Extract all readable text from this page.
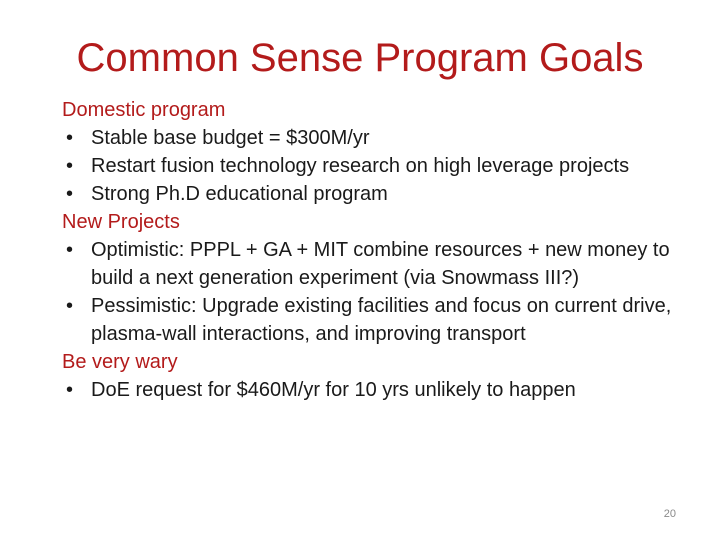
Common Sense Program Goals
Domestic program
• Stable base budget = $300M/yr
• Restart fusion technology research on high leverage projects
• Strong Ph.D educational program
New Projects
• Optimistic: PPPL + GA + MIT combine resources + new money to build a next generation experiment (via Snowmass III?)
• Pessimistic: Upgrade existing facilities and focus on current drive, plasma-wall interactions, and improving transport
Be very wary
• DoE request for $460M/yr for 10 yrs unlikely to happen
20
